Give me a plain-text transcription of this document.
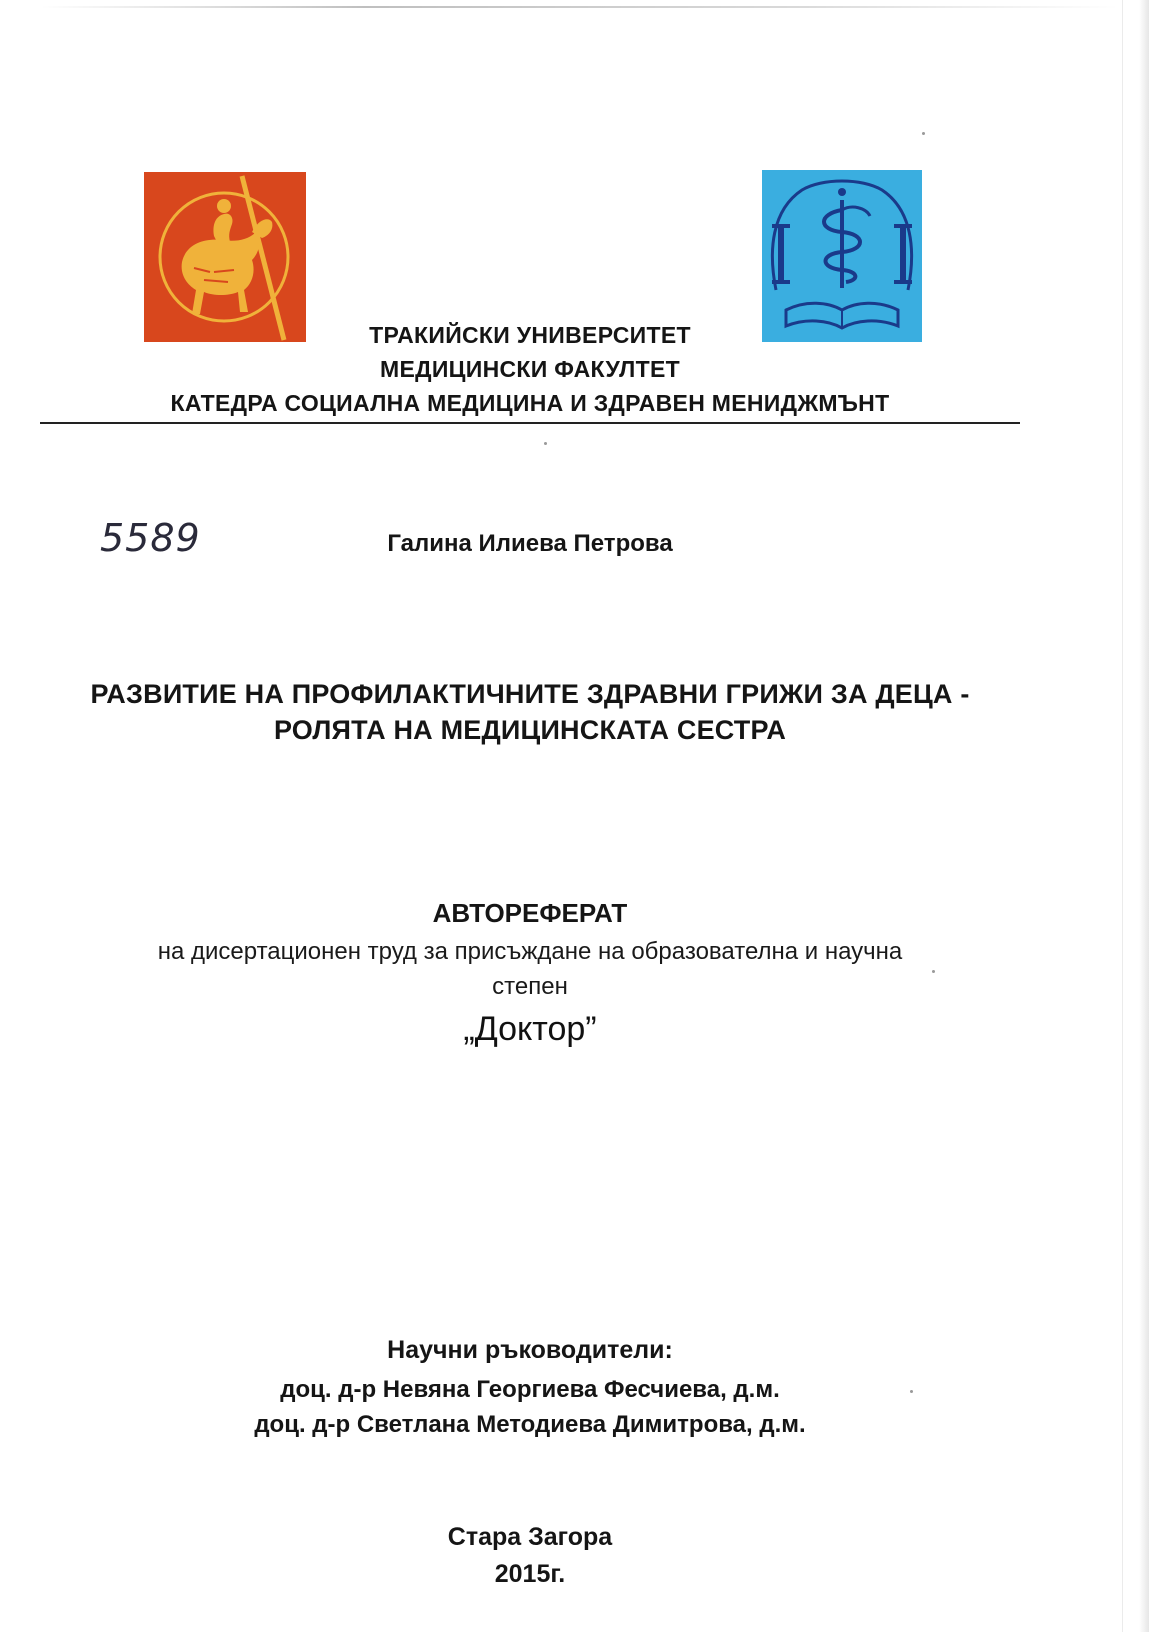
ТРАКИЙСКИ УНИВЕРСИТЕТ
МЕДИЦИНСКИ ФАКУЛТЕТ
КАТЕДРА СОЦИАЛНА МЕДИЦИНА И ЗДРАВЕН МЕНИДЖМЪНТ
5589	Галина Илиева Петрова
РАЗВИТИЕ НА ПРОФИЛАКТИЧНИТЕ ЗДРАВНИ ГРИЖИ ЗА ДЕЦА -
РОЛЯТА НА МЕДИЦИНСКАТА СЕСТРА
АВТОРЕФЕРАТ
на дисертационен труд за присъждане на образователна и научна
степен
„Доктор”
Научни ръководители:
доц. д-р Невяна Георгиева Фесчиева, д.м.
доц. д-р Светлана Методиева Димитрова, д.м.
Стара Загора
2015г.
